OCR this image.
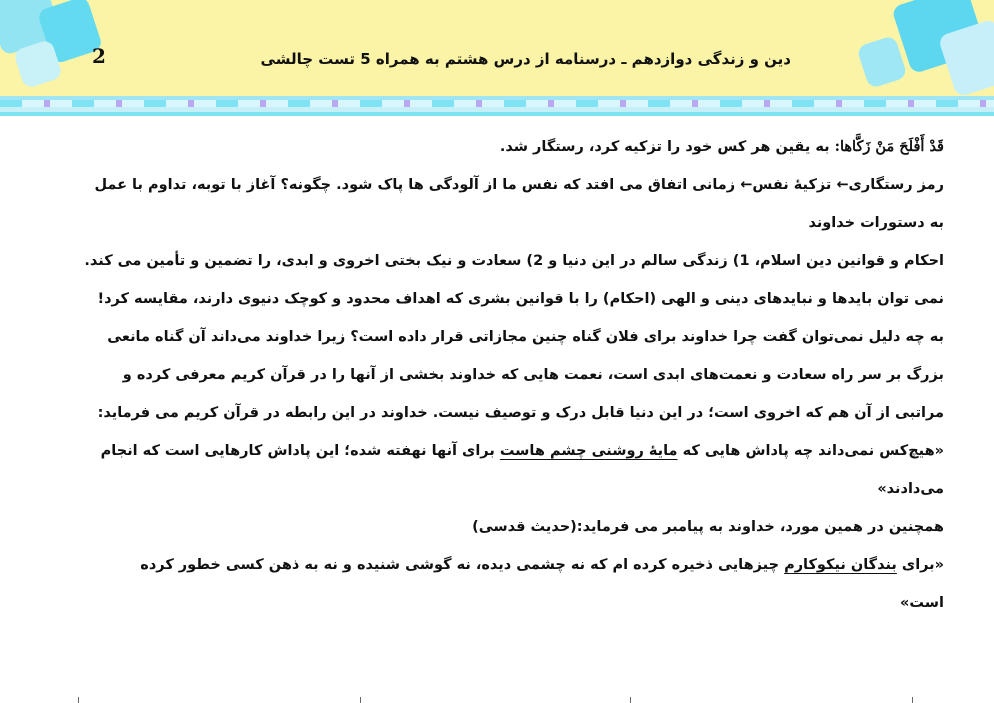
2	دین و زندگی دوازدهم ـ درسنامه از درس هشتم به همراه 5 تست چالشی
قَدْ أَفْلَحَ مَنْ زَكَّاها: به یقین هر کس خود را تزکیه کرد، رستگار شد.
رمز رستگاری← تزکیۀ نفس← زمانی اتفاق می افتد که نفس ما از آلودگی ها پاک شود. چگونه؟ آغاز با توبه، تداوم با عمل
به دستورات خداوند
احکام و قوانین دین اسلام، 1) زندگی سالم در این دنیا و 2) سعادت و نیک بختی اخروی و ابدی، را تضمین و تأمین می کند.
نمی توان بایدها و نبایدهای دینی و الهی (احکام) را با قوانین بشری که اهداف محدود و کوچک دنیوی دارند، مقایسه کرد!
به چه دلیل نمی‌توان گفت چرا خداوند برای فلان گناه چنین مجازاتی قرار داده است؟ زیرا خداوند می‌داند آن گناه مانعی
بزرگ بر سر راه سعادت و نعمت‌های ابدی است، نعمت هایی که خداوند بخشی از آنها را در قرآن کریم معرفی کرده و
مراتبی از آن هم که اخروی است؛ در این دنیا قابل درک و توصیف نیست. خداوند در این رابطه در قرآن کریم می فرماید:
«هیچ‌کس نمی‌داند چه پاداش هایی که مایۀ روشنی چشم هاست برای آنها نهفته شده؛ این پاداش کارهایی است که انجام
می‌دادند»
همچنین در همین مورد، خداوند به پیامبر می فرماید:(حدیث قدسی)
«برای بندگان نیکوکارم چیزهایی ذخیره کرده ام که نه چشمی دیده، نه گوشی شنیده و نه به ذهن کسی خطور کرده
است»
